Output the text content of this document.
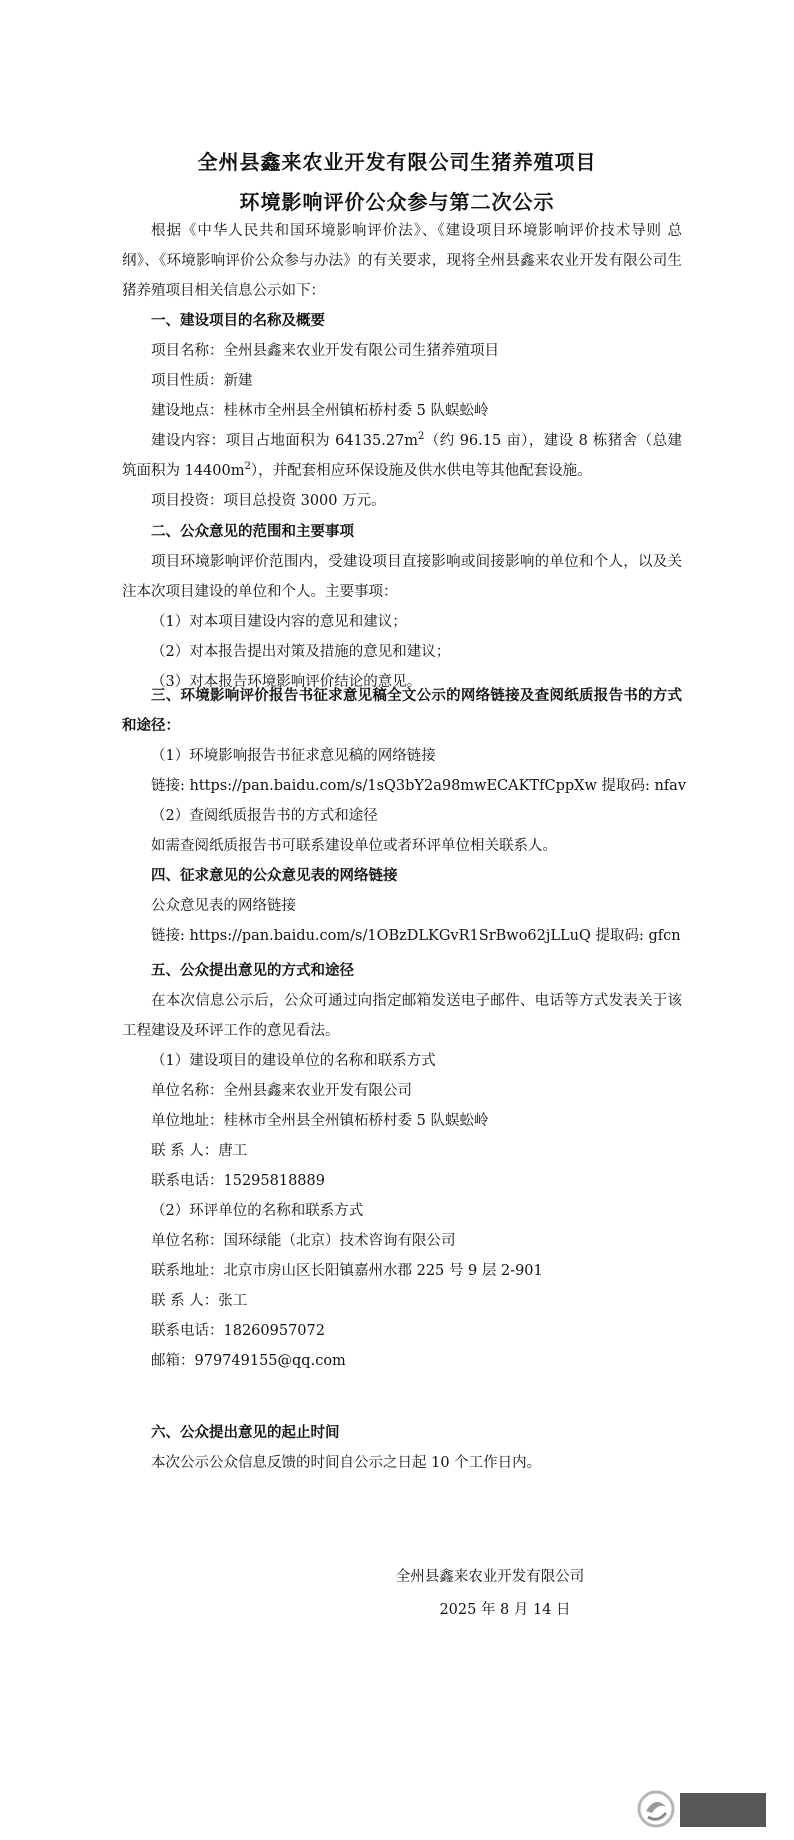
全州县鑫来农业开发有限公司生猪养殖项目
环境影响评价公众参与第二次公示

根据《中华人民共和国环境影响评价法》、《建设项目环境影响评价技术导则 总纲》、《环境影响评价公众参与办法》的有关要求，现将全州县鑫来农业开发有限公司生猪养殖项目相关信息公示如下：

一、建设项目的名称及概要

项目名称：全州县鑫来农业开发有限公司生猪养殖项目

项目性质：新建

建设地点：桂林市全州县全州镇柘桥村委 5 队蜈蚣岭

建设内容：项目占地面积为 $64135.27m^2$（约 96.15 亩），建设 8 栋猪舍（总建筑面积为 $14400m^2$），并配套相应环保设施及供水供电等其他配套设施。

项目投资：项目总投资 3000 万元。

二、公众意见的范围和主要事项

项目环境影响评价范围内，受建设项目直接影响或间接影响的单位和个人，以及关注本次项目建设的单位和个人。主要事项：

（1）对本项目建设内容的意见和建议；

（2）对本报告提出对策及措施的意见和建议；

（3）对本报告环境影响评价结论的意见。

三、环境影响评价报告书征求意见稿全文公示的网络链接及查阅纸质报告书的方式和途径：

（1）环境影响报告书征求意见稿的网络链接

链接: https://pan.baidu.com/s/1sQ3bY2a98mwECAKTfCppXw 提取码: nfav

（2）查阅纸质报告书的方式和途径

如需查阅纸质报告书可联系建设单位或者环评单位相关联系人。

四、征求意见的公众意见表的网络链接

公众意见表的网络链接

链接: https://pan.baidu.com/s/1OBzDLKGvR1SrBwo62jLLuQ 提取码: gfcn

五、公众提出意见的方式和途径

在本次信息公示后，公众可通过向指定邮箱发送电子邮件、电话等方式发表关于该工程建设及环评工作的意见看法。

（1）建设项目的建设单位的名称和联系方式

单位名称：全州县鑫来农业开发有限公司

单位地址：桂林市全州县全州镇柘桥村委 5 队蜈蚣岭

联 系 人：唐工

联系电话：15295818889

（2）环评单位的名称和联系方式

单位名称：国环绿能（北京）技术咨询有限公司

联系地址：北京市房山区长阳镇嘉州水郡 225 号 9 层 2-901

联 系 人：张工

联系电话：18260957072

邮箱：979749155@qq.com

六、公众提出意见的起止时间

本次公示公众信息反馈的时间自公示之日起 10 个工作日内。

全州县鑫来农业开发有限公司
2025 年 8 月 14 日
